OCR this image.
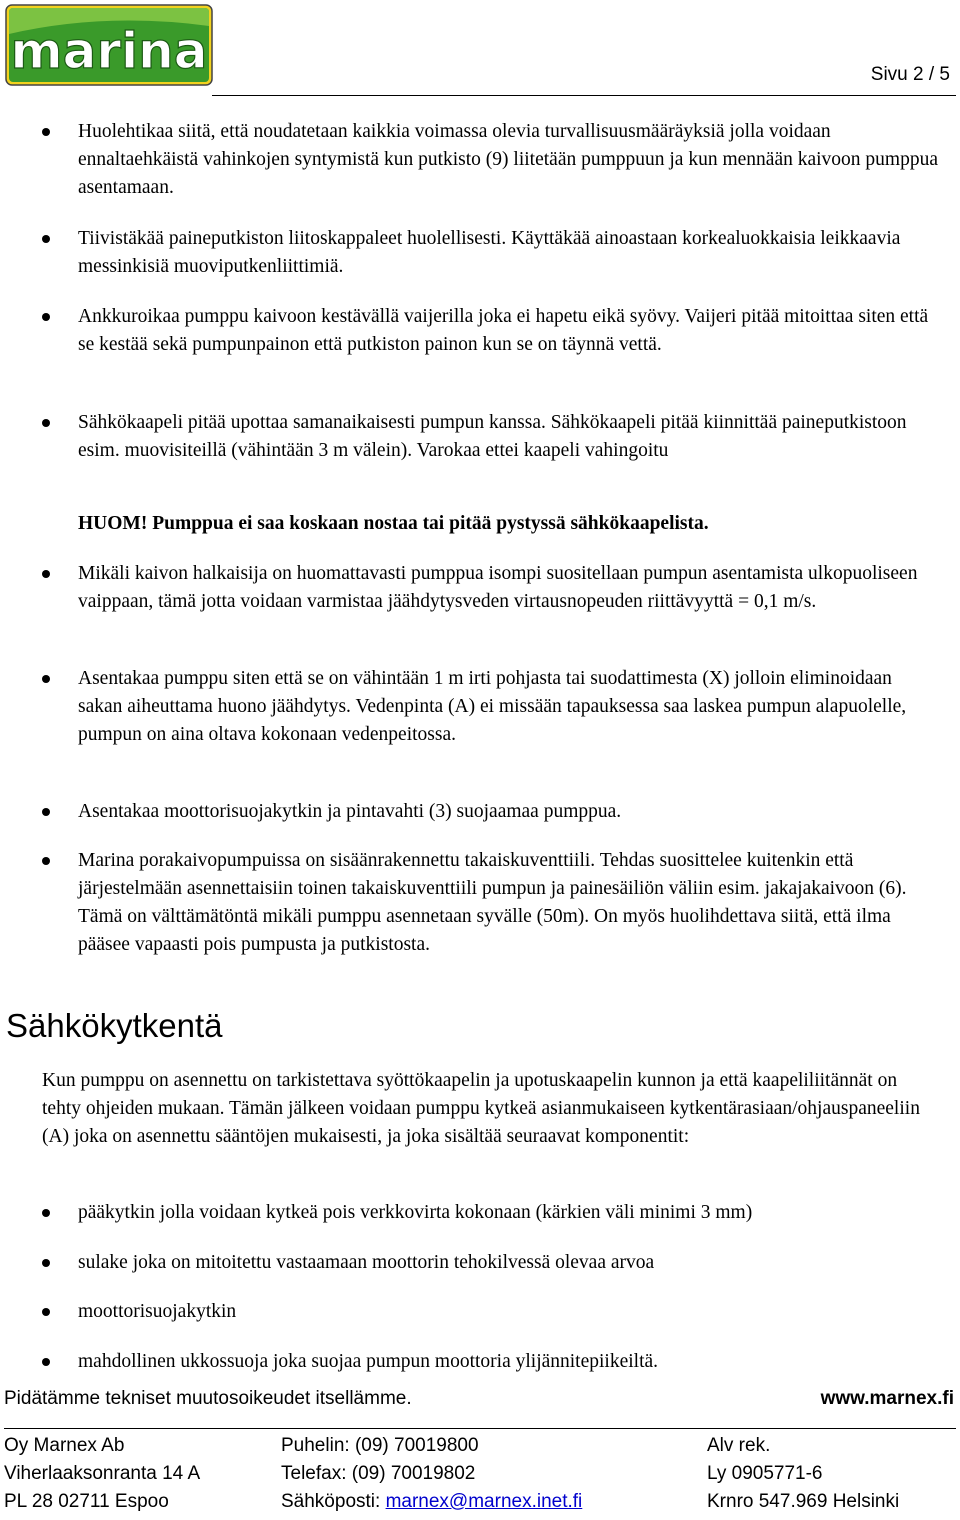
marina	Sivu 2 / 5
Huolehtikaa siitä, että noudatetaan kaikkia voimassa olevia turvallisuusmääräyksiä jolla voidaan ennaltaehkäistä vahinkojen syntymistä kun putkisto (9) liitetään pumppuun ja kun mennään kaivoon pumppua asentamaan.
Tiivistäkää paineputkiston liitoskappaleet huolellisesti. Käyttäkää ainoastaan korkealuokkaisia leikkaavia messinkisiä muoviputkenliittimiä.
Ankkuroikaa pumppu kaivoon kestävällä vaijerilla joka ei hapetu eikä syövy. Vaijeri pitää mitoittaa siten että se kestää sekä pumpunpainon että putkiston painon kun se on täynnä vettä.
Sähkökaapeli pitää upottaa samanaikaisesti pumpun kanssa. Sähkökaapeli pitää kiinnittää paineputkistoon esim. muovisiteillä (vähintään 3 m välein). Varokaa ettei kaapeli vahingoitu
HUOM! Pumppua ei saa koskaan nostaa tai pitää pystyssä sähkökaapelista.
Mikäli kaivon halkaisija on huomattavasti pumppua isompi suositellaan pumpun asentamista ulkopuoliseen vaippaan, tämä jotta voidaan varmistaa jäähdytysveden virtausnopeuden riittävyyttä = 0,1 m/s.
Asentakaa pumppu siten että se on vähintään 1 m irti pohjasta tai suodattimesta (X) jolloin eliminoidaan sakan aiheuttama huono jäähdytys. Vedenpinta (A) ei missään tapauksessa saa laskea pumpun alapuolelle, pumpun on aina oltava kokonaan vedenpeitossa.
Asentakaa moottorisuojakytkin ja pintavahti (3) suojaamaa pumppua.
Marina porakaivopumpuissa on sisäänrakennettu takaiskuventtiili. Tehdas suosittelee kuitenkin että järjestelmään asennettaisiin toinen takaiskuventtiili pumpun ja painesäiliön väliin esim. jakajakaivoon (6). Tämä on välttämätöntä mikäli pumppu asennetaan syvälle (50m). On myös huolihdettava siitä, että ilma pääsee vapaasti pois pumpusta ja putkistosta.
Sähkökytkentä
Kun pumppu on asennettu on tarkistettava syöttökaapelin ja upotuskaapelin kunnon ja että kaapeliliitännät on tehty ohjeiden mukaan. Tämän jälkeen voidaan pumppu kytkeä asianmukaiseen kytkentärasiaan/ohjauspaneeliin (A) joka on asennettu sääntöjen mukaisesti, ja joka sisältää seuraavat komponentit:
pääkytkin jolla voidaan kytkeä pois verkkovirta kokonaan (kärkien väli minimi 3 mm)
sulake joka on mitoitettu vastaamaan moottorin tehokilvessä olevaa arvoa
moottorisuojakytkin
mahdollinen ukkossuoja joka suojaa pumpun moottoria ylijännitepiikeiltä.
Pidätämme tekniset muutosoikeudet itsellämme.	www.marnex.fi
Oy Marnex Ab
Viherlaaksonranta 14 A
PL 28 02711 Espoo
Puhelin: (09) 70019800
Telefax: (09) 70019802
Sähköposti: marnex@marnex.inet.fi
Alv rek.
Ly 0905771-6
Krnro 547.969 Helsinki
